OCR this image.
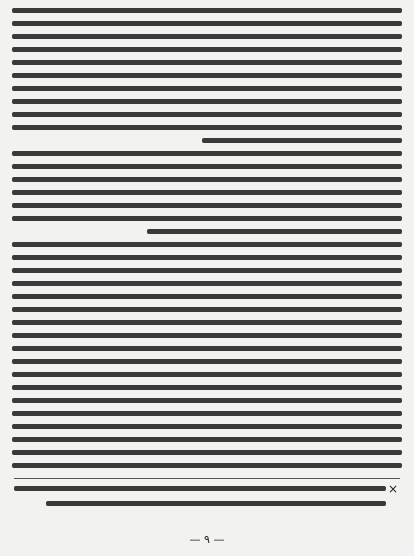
×
— ۹ —
